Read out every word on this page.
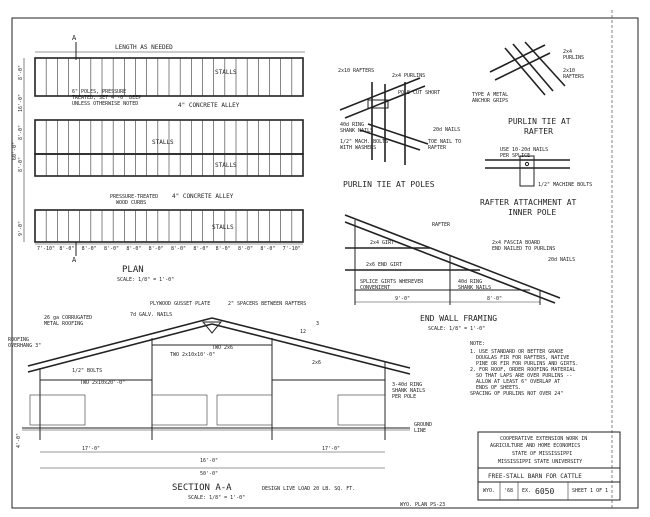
LENGTH AS NEEDED
A
STALLS
STALLS
STALLS
STALLS
6" POLES, PRESSURE TREATED, SET 4'-0" DEEP UNLESS OTHERWISE NOTED	4" CONCRETE ALLEY
4" CONCRETE ALLEY
PRESSURE-TREATED WOOD CURBS
8'-0"
16'-0"
8'-0"
60'-0"
8'-0"
9'-0"
7'-10" 8'-0" 8'-0" 8'-0" 8'-0" 8'-0" 8'-0" 8'-0" 8'-0" 8'-0" 8'-0" 7'-10"
A
PLAN
SCALE: 1/8" = 1'-0"
2x10 RAFTERS
2x4 PURLINS
POLE CUT SHORT
40d RING SHANK NAILS
1/2" MACH. BOLTS WITH WASHERS
20d NAILS
TOE NAIL TO RAFTER
PURLIN TIE AT POLES
2x4 PURLINS
2x10 RAFTERS
TYPE A METAL ANCHOR GRIPS
PURLIN TIE AT RAFTER
USE 10-20d NAILS PER SPLICE
1/2" MACHINE BOLTS
RAFTER ATTACHMENT AT INNER POLE
RAFTER
2x4 FASCIA BOARD END NAILED TO PURLINS
2x4 GIRT
2x6 END GIRT
20d NAILS
SPLICE GIRTS WHEREVER CONVENIENT
40d RING SHANK NAILS
9'-0"	8'-0"
END WALL FRAMING
SCALE: 1/8" = 1'-0"
PLYWOOD GUSSET PLATE	2" SPACERS BETWEEN RAFTERS
26 ga CORRUGATED METAL ROOFING
7d GALV. NAILS
ROOFING OVERHANG 3"
1/2" BOLTS
TWO 2x10x20'-0"
TWO 2x10x10'-0"
TWO 2x6
3
12
2x6
3-40d RING SHANK NAILS PER POLE
GROUND LINE
4'-0"
17'-0"
16'-0"
17'-0"
50'-0"
SECTION A-A
SCALE: 1/8" = 1'-0"
DESIGN LIVE LOAD 20 LB. SQ. FT.
NOTE:
1. USE STANDARD OR BETTER GRADE DOUGLAS FIR FOR RAFTERS, NATIVE PINE OR FIR FOR PURLINS AND GIRTS. 2. FOR ROOF, ORDER ROOFING MATERIAL SO THAT LAPS ARE OVER PURLINS -- ALLOW AT LEAST 6" OVERLAP AT ENDS OF SHEETS. SPACING OF PURLINS NOT OVER 24"
COOPERATIVE EXTENSION WORK IN
AGRICULTURE AND HOME ECONOMICS
STATE OF MISSISSIPPI
MISSISSIPPI STATE UNIVERSITY
FREE-STALL BARN FOR CATTLE
WYO. '68 EX. 6050	SHEET 1 OF 1
WYO. PLAN PS-23
